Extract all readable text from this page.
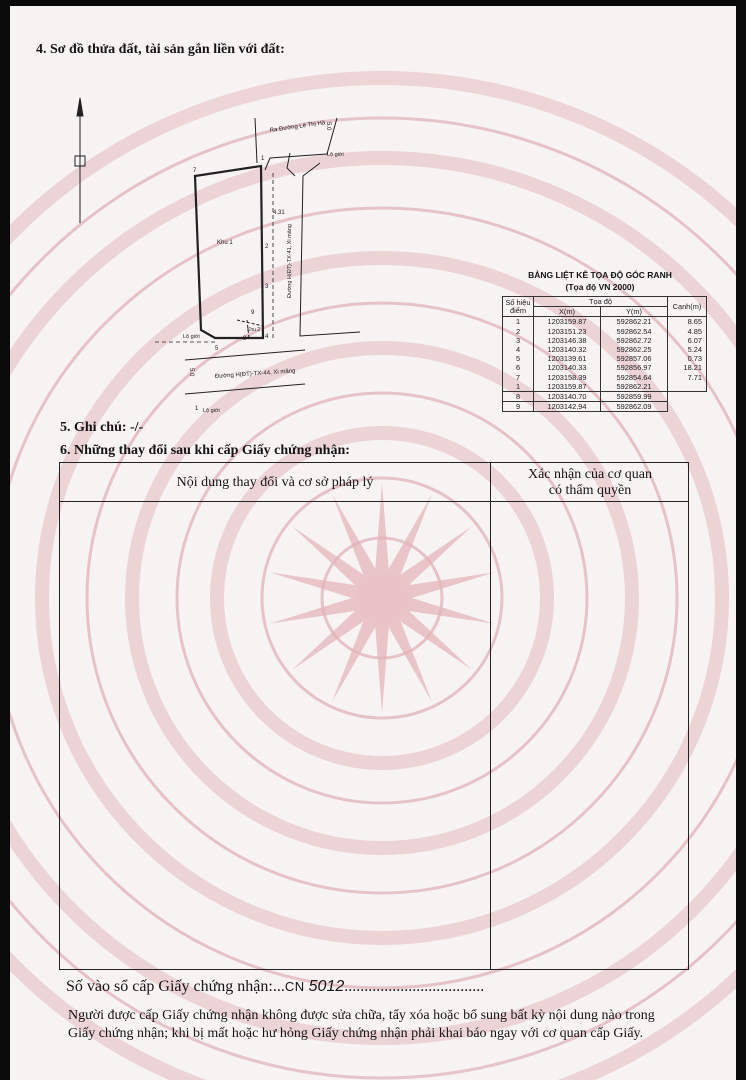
4. Sơ đồ thửa đất, tài sản gắn liền với đất:
Ra Đường Lê Thị Hà 5.0
Lộ giới
4.31
Đường H(ĐT)-TX-41, Xi măng
Khu 1
Khu 2
Lộ giới
Đường H(ĐT)-TX-44, Xi măng
5.0
Lộ giới
7
2
3
9
4
8
5
1
1
BẢNG LIỆT KÊ TỌA ĐỘ GÓC RANH
(Tọa độ VN 2000)
Số hiệu điểm	Tọa độ		Cạnh(m)
	X(m)	Y(m)	
1	1203159.87	592862.21	8.65
2	1203151.23	592862.54	4.85
3	1203146.38	592862.72	6.07
4	1203140.32	592862.25	5.24
5	1203139.61	592857.06	0.73
6	1203140.33	592856.97	18.21
7	1203158.39	592854.64	7.71
1	1203159.87	592862.21	
8	1203140.70	592859.99	
9	1203142.94	592862.09	
5. Ghi chú: -/-
6. Những thay đổi sau khi cấp Giấy chứng nhận:
Nội dung thay đổi và cơ sở pháp lý
Xác nhận của cơ quan
có thẩm quyền
Số vào sổ cấp Giấy chứng nhận:...CN 5012...................................
Người được cấp Giấy chứng nhận không được sửa chữa, tẩy xóa hoặc bổ sung bất kỳ nội dung nào trong
Giấy chứng nhận; khi bị mất hoặc hư hỏng Giấy chứng nhận phải khai báo ngay với cơ quan cấp Giấy.
